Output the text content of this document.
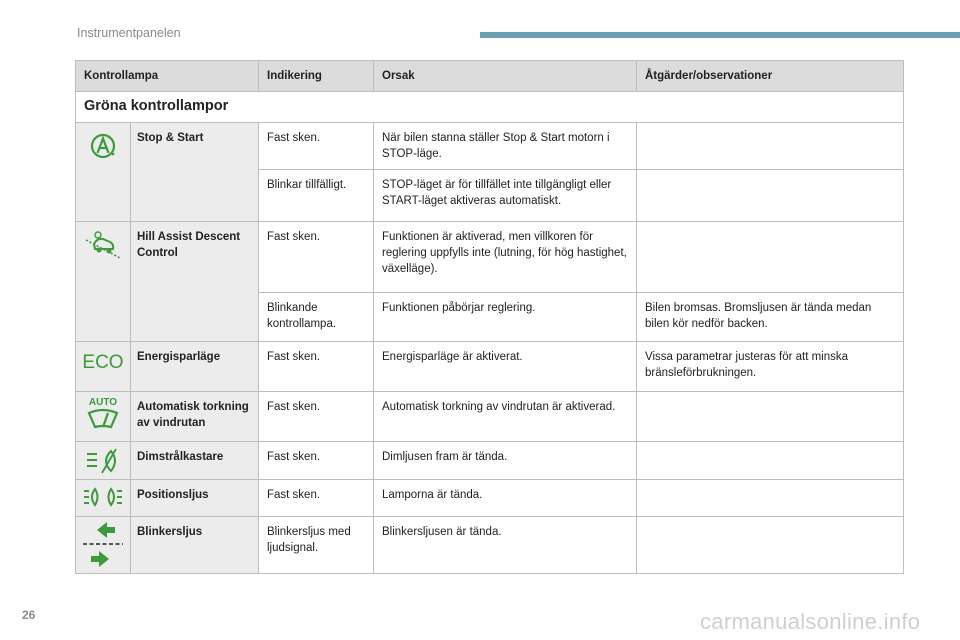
Instrumentpanelen
Kontrollampa		Indikering	Orsak	Åtgärder/observationer
Gröna kontrollampor				
	Stop & Start	Fast sken.	När bilen stanna ställer Stop & Start motorn i STOP-läge.	
		Blinkar tillfälligt.	STOP-läget är för tillfället inte tillgängligt eller START-läget aktiveras automatiskt.	
	Hill Assist Descent Control	Fast sken.	Funktionen är aktiverad, men villkoren för reglering uppfylls inte (lutning, för hög hastighet, växelläge).	
		Blinkande kontrollampa.	Funktionen påbörjar reglering.	Bilen bromsas. Bromsljusen är tända medan bilen kör nedför backen.

ECO	Energisparläge	Fast sken.	Energisparläge är aktiverat.	Vissa parametrar justeras för att minska bränsleförbrukningen.

AUTO	Automatisk torkning av vindrutan	Fast sken.	Automatisk torkning av vindrutan är aktiverad.	
	Dimstrålkastare	Fast sken.	Dimljusen fram är tända.	
	Positionsljus	Fast sken.	Lamporna är tända.	
	Blinkersljus	Blinkersljus med ljudsignal.	Blinkersljusen är tända.	
26	carmanualsonline.info
